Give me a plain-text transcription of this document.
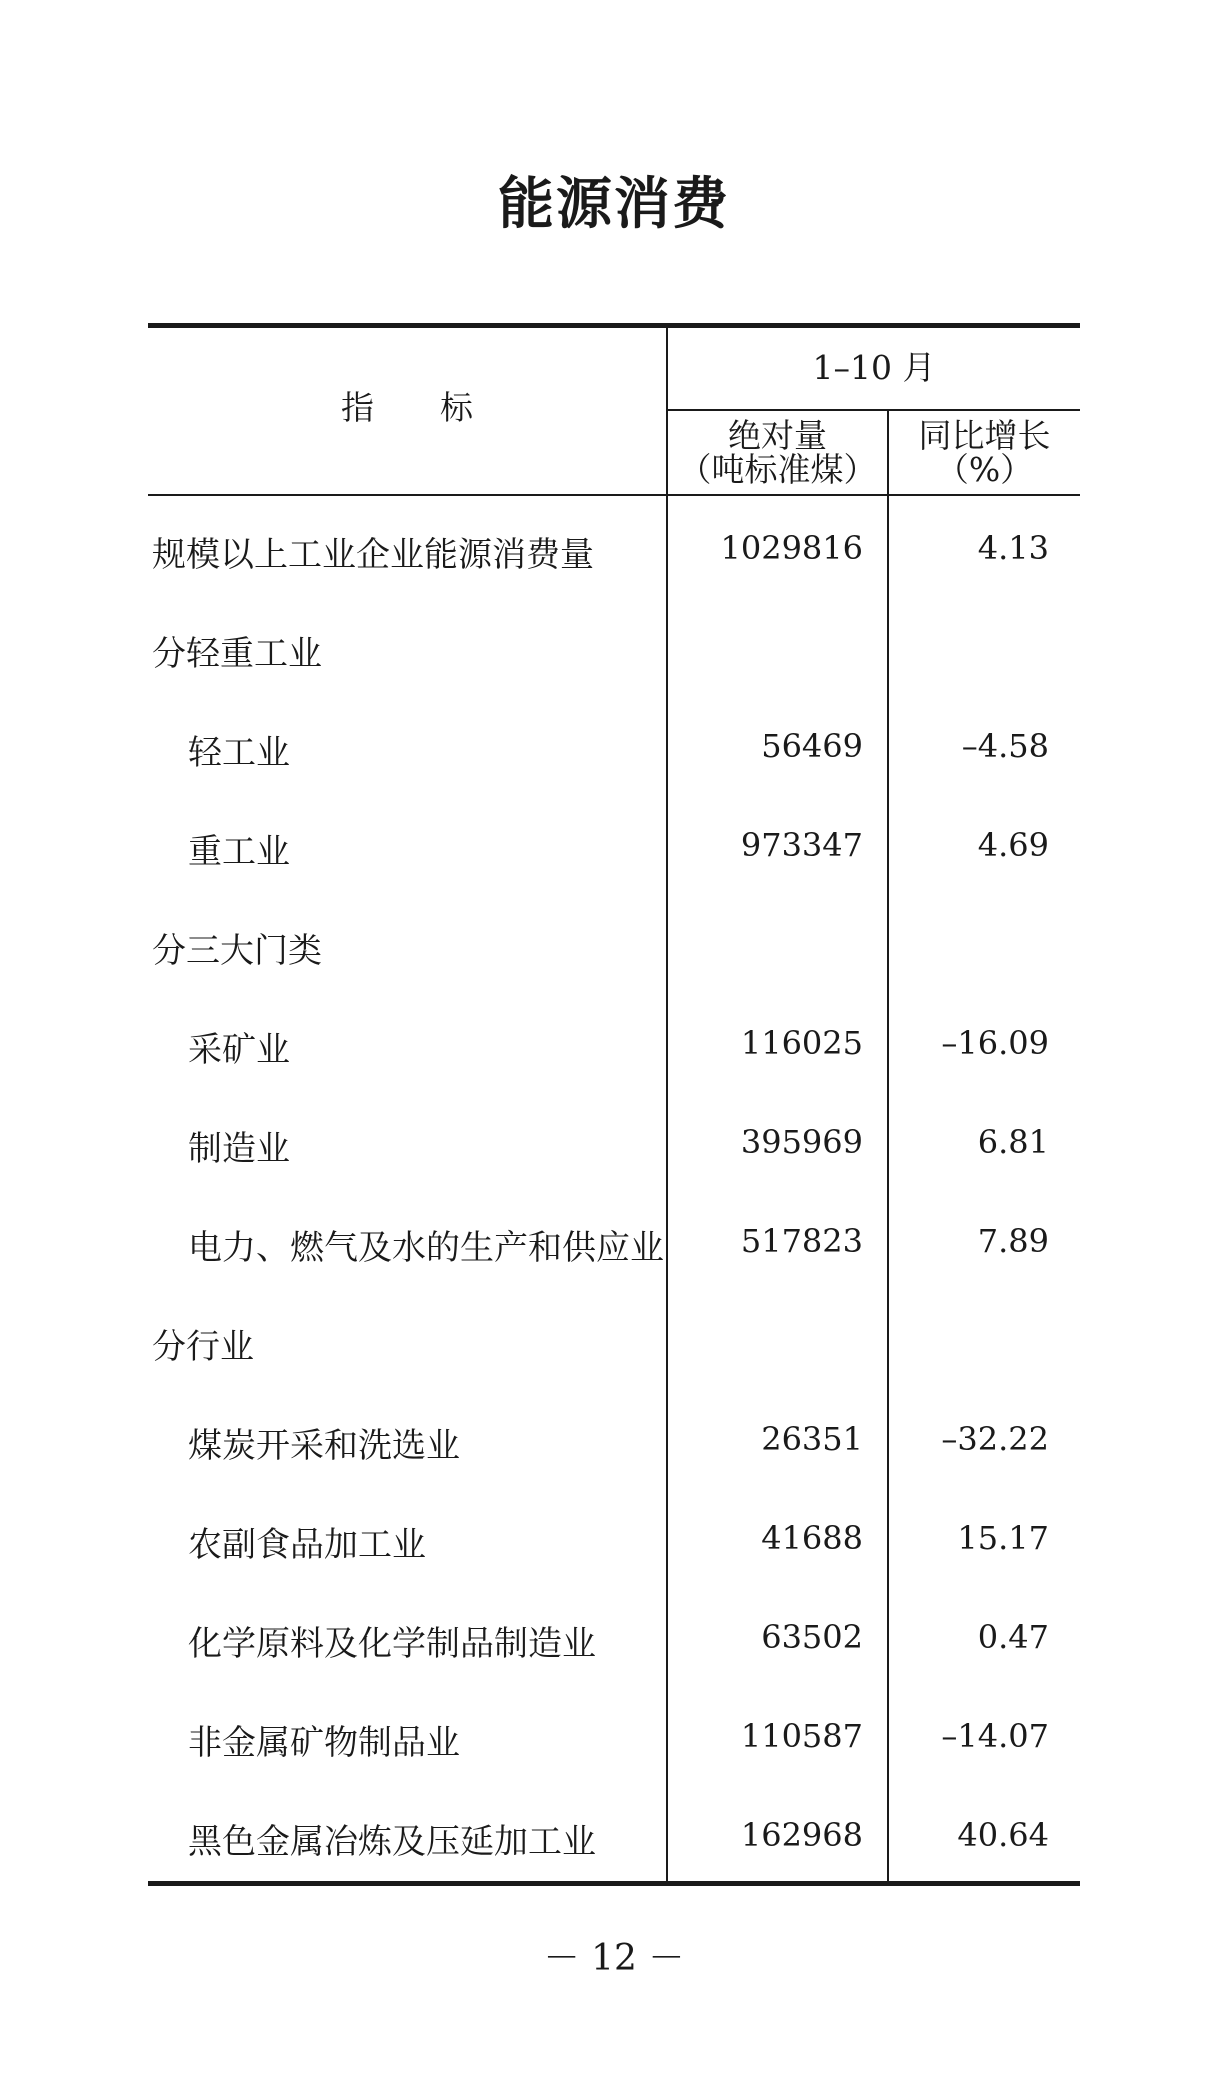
能源消费
指　　标
1–10 月
绝对量
（吨标准煤）
同比增长
（%）
规模以上工业企业能源消费量	1029816	4.13
分轻重工业
轻工业	56469	–4.58
重工业	973347	4.69
分三大门类
采矿业	116025	–16.09
制造业	395969	6.81
电力、燃气及水的生产和供应业	517823	7.89
分行业
煤炭开采和洗选业	26351	–32.22
农副食品加工业	41688	15.17
化学原料及化学制品制造业	63502	0.47
非金属矿物制品业	110587	–14.07
黑色金属冶炼及压延加工业	162968	40.64
－ 12 －
